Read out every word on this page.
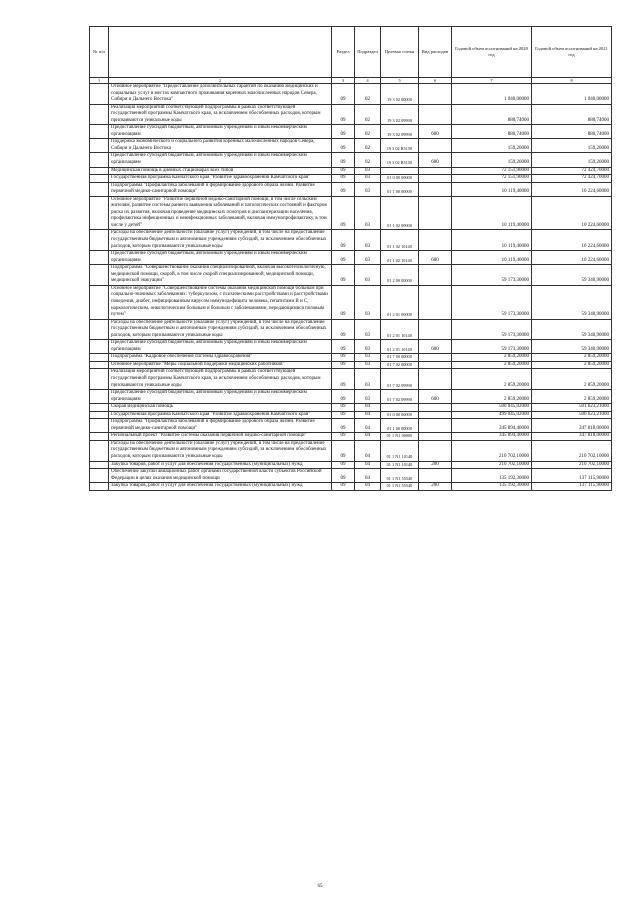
№ п/п		Раздел	Подраздел	Целевая статья	Вид расходов	Годовой объем ассигнований на 2020 год	Годовой объем ассигнований на 2021 год
1	2	3	4	5	6	7	8
	Основное мероприятие "Предоставление дополнительных гарантий по оказанию медицинских и социальных услуг в местах компактного проживания коренных малочисленных народов Севера, Сибири и Дальнего Востока"	09	02	19 3 02 00000		1 040,00000	1 040,00000
	Реализация мероприятий соответствующей подпрограммы в рамках соответствующей государственной программы Камчатского края, за исключением обособленных расходов, которым присваиваются уникальные коды	09	02	19 3 02 09990		880,74000	880,74000
	Предоставление субсидий бюджетным, автономным учреждениям и иным некоммерческим организациям	09	02	19 3 02 09990	600	880,74000	880,74000
	Поддержка экономического и социального развития коренных малочисленных народов Севера, Сибири и Дальнего Востока	09	02	19 3 02 R5150		159,26000	159,26000
	Предоставление субсидий бюджетным, автономным учреждениям и иным некоммерческим организациям	09	02	19 3 02 R5150	600	159,26000	159,26000
	Медицинская помощь в дневных стационарах всех типов	09	03			72 151,90000	72 424,70000
	Государственная программа Камчатского края "Развитие здравоохранения Камчатского края"	09	03	01 0 00 00000		72 151,90000	72 424,70000
	Подпрограмма "Профилактика заболеваний и формирование здорового образа жизни. Развитие первичной медико-санитарной помощи"	09	03	01 1 00 00000		10 119,40000	10 224,60000
	Основное мероприятие "Развитие первичной медико-санитарной помощи, в том числе сельским жителям, развитие системы раннего выявления заболеваний и патологических состояний и факторов риска их развития, включая проведение медицинских осмотров и диспансеризации населения, профилактика инфекционных и неинфекционных заболеваний, включая иммунопрофилактику, в том числе у детей"	09	03	01 1 02 00000		10 119,40000	10 224,60000
	Расходы на обеспечение деятельности (оказание услуг) учреждений, в том числе на предоставление государственным бюджетным и автономным учреждениям субсидий, за исключением обособленных расходов, которым присваиваются уникальные коды	09	03	01 1 02 10140		10 119,40000	10 224,60000
	Предоставление субсидий бюджетным, автономным учреждениям и иным некоммерческим организациям	09	03	01 1 02 10140	600	10 119,40000	10 224,60000
	Подпрограмма "Совершенствование оказания специализированной, включая высокотехнологичную, медицинской помощи, скорой, в том числе скорой специализированной, медицинской помощи, медицинской эвакуации"	09	03	01 2 00 00000		59 173,30000	59 340,90000
	Основное мероприятие "Совершенствование системы оказания медицинской помощи больным при социально-значимых заболеваниях: туберкулезом, с психическими расстройствами и расстройствами поведения, диабет, инфицированным вирусом иммунодефицита человека, гепатитами В и С, наркологическим, онкологическим больным и больным с заболеваниями, передающимися половым путем"	09	03	01 2 01 00000		59 173,30000	59 340,90000
	Расходы на обеспечение деятельности (оказание услуг) учреждений, в том числе на предоставление государственным бюджетным и автономным учреждениям субсидий, за исключением обособленных расходов, которым присваиваются уникальные коды	09	03	01 2 01 10140		59 173,30000	59 340,90000
	Предоставление субсидий бюджетным, автономным учреждениям и иным некоммерческим организациям	09	03	01 2 01 10140	600	59 173,30000	59 340,90000
	Подпрограмма "Кадровое обеспечение системы здравоохранения"	09	03	01 7 00 00000		2 859,20000	2 859,20000
	Основное мероприятие "Меры социальной поддержки медицинских работников"	09	03	01 7 02 00000		2 859,20000	2 859,20000
	Реализация мероприятий соответствующей подпрограммы в рамках соответствующей государственной программы Камчатского края, за исключением обособленных расходов, которым присваиваются уникальные коды	09	03	01 7 02 09990		2 859,20000	2 859,20000
	Предоставление субсидий бюджетным, автономным учреждениям и иным некоммерческим организациям	09	03	01 7 02 09990	600	2 859,20000	2 859,20000
	Скорая медицинская помощь	09	04			500 045,02000	501 623,21000
	Государственная программа Камчатского края "Развитие здравоохранения Камчатского края"	09	04	01 0 00 00000		499 045,02000	500 623,21000
	Подпрограмма "Профилактика заболеваний и формирование здорового образа жизни. Развитие первичной медико-санитарной помощи"	09	04	01 1 00 00000		345 894,40000	347 818,00000
	Региональный проект "Развитие системы оказания первичной медико-санитарной помощи"	09	04	01 1 N1 00000		345 894,40000	347 818,00000
	Расходы на обеспечение деятельности (оказание услуг) учреждений, в том числе на предоставление государственным бюджетным и автономным учреждениям субсидий, за исключением обособленных расходов, которым присваиваются уникальные коды	09	04	01 1 N1 10140		210 702,10000	210 702,10000
	Закупка товаров, работ и услуг для обеспечения государственных (муниципальных) нужд	09	04	01 1 N1 10140	200	210 702,10000	210 702,10000
	Обеспечение закупки авиационных работ органами государственной власти субъектов Российской Федерации в целях оказания медицинской помощи	09	04	01 1 N1 55540		135 192,30000	137 115,90000
	Закупка товаров, работ и услуг для обеспечения государственных (муниципальных) нужд	09	04	01 1 N1 55540	200	135 192,30000	137 115,90000
65
